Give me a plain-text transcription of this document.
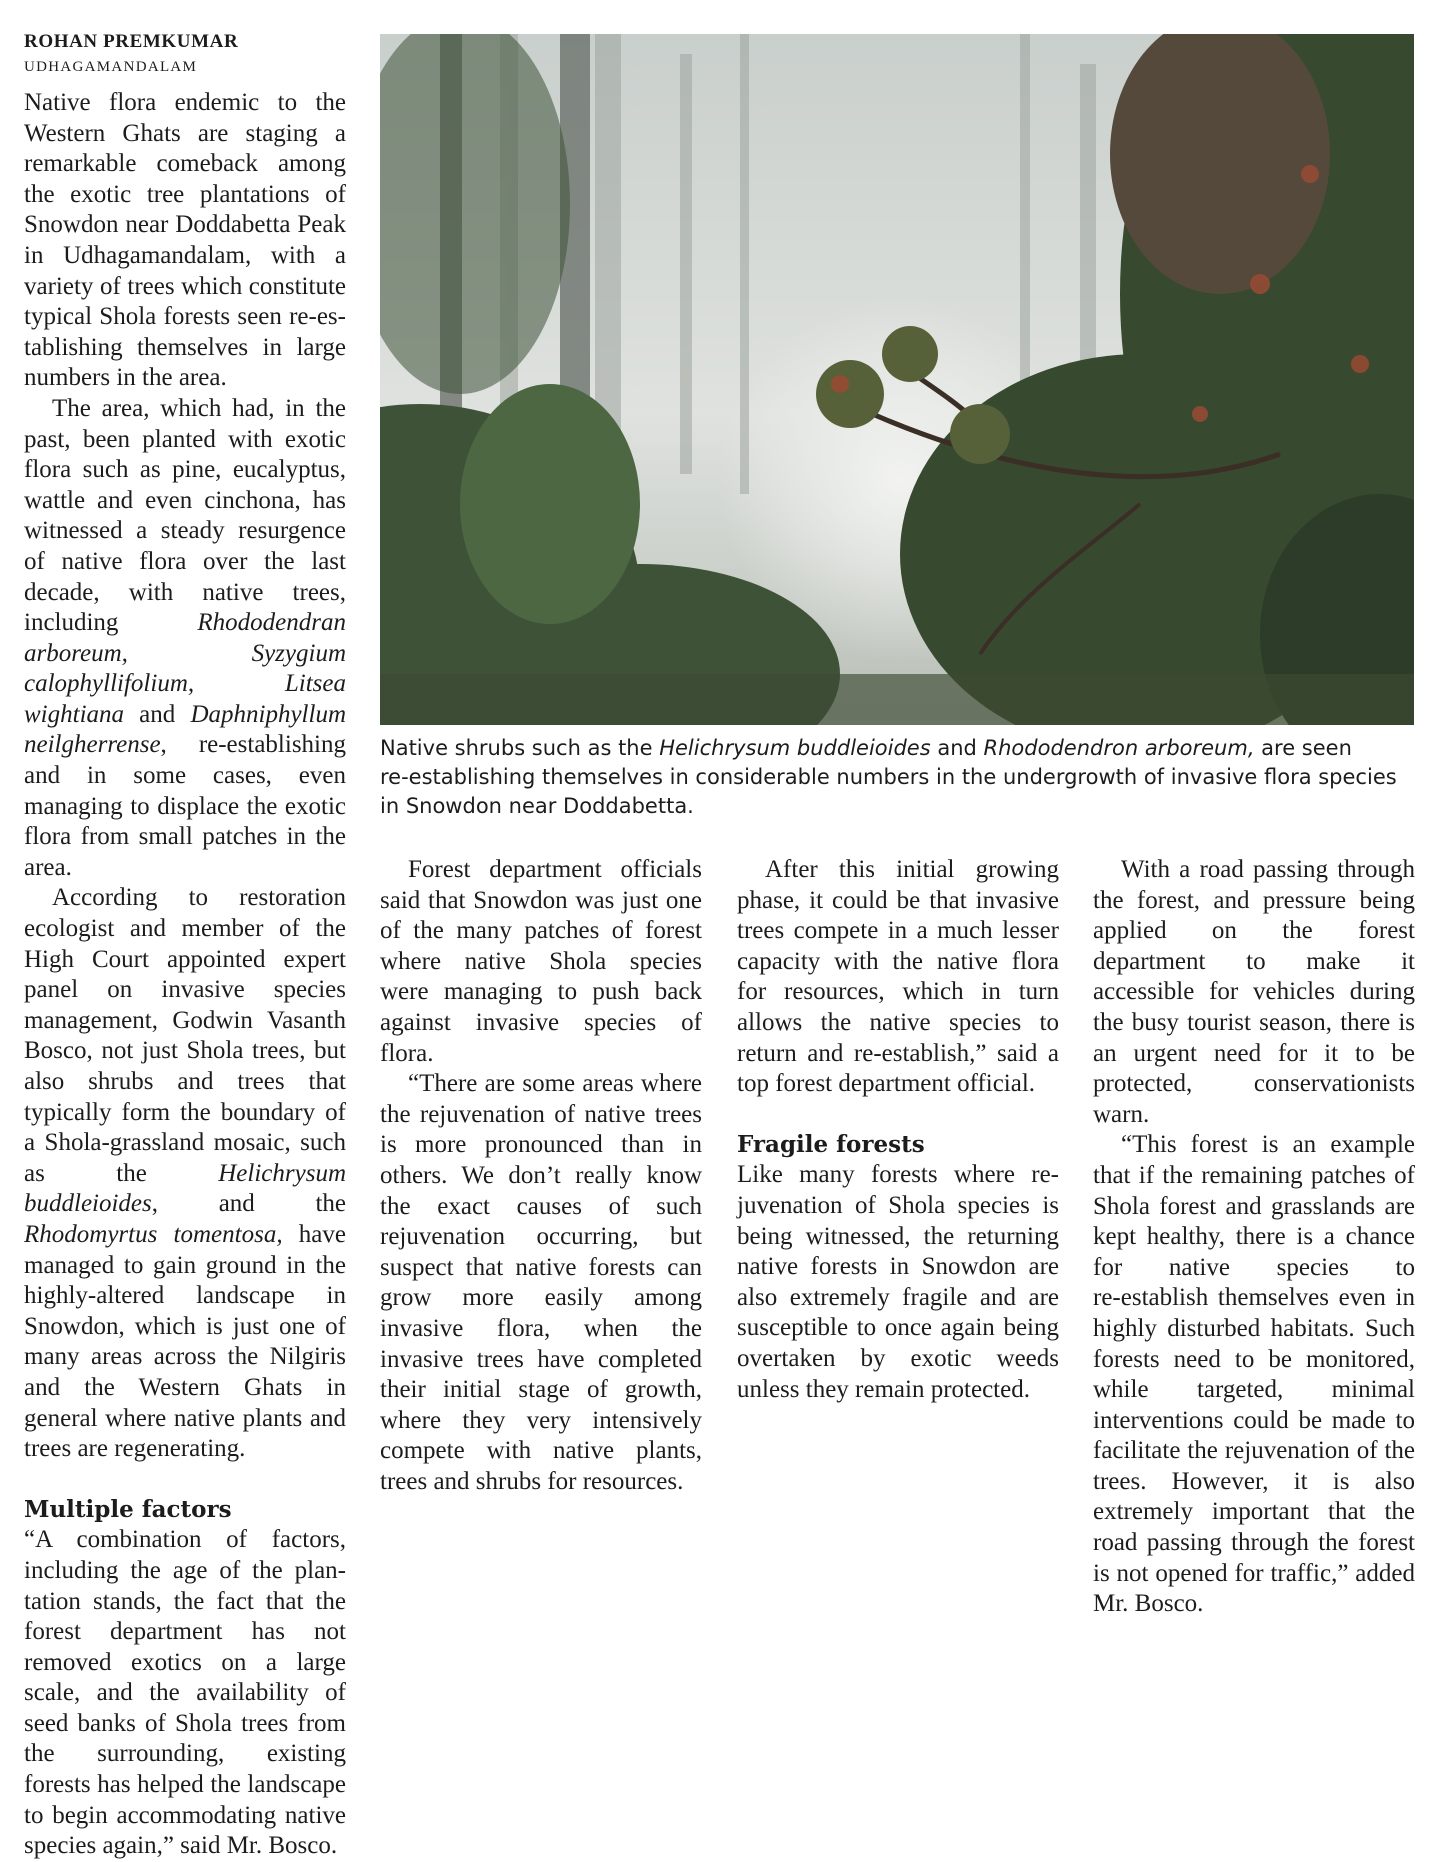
ROHAN PREMKUMAR
UDHAGAMANDALAM

Native shrubs such as the Helichrysum buddleioides and Rhododendron arboreum, are seen re‑establishing themselves in considerable numbers in the undergrowth of invasive flora species in Snowdon near Doddabetta.

Native flora endemic to the Western Ghats are staging a remarkable comeback among the exotic tree plantations of Snowdon near Doddabetta Peak in Udhagamandalam, with a variety of trees which constitute typical Shola forests seen re‑establishing themselves in large numbers in the area.

The area, which had, in the past, been planted with exotic flora such as pine, eucalyptus, wattle and even cinchona, has witnessed a steady resurgence of native flora over the last decade, with native trees, including	Rhododendran arboreum, Syzygium calophyllifolium, Litsea wightiana and Daphniphyllum neilgherrense, re‑establishing and in some cases, even managing to displace the exotic flora from small patches in the area.

According to restoration ecologist and member of the High Court appointed expert panel on invasive species management, Godwin Vasanth Bosco, not just Shola trees, but also shrubs and trees that typically form the boundary of a Shola‑grassland mosaic, such as the Helichrysum buddleioides, and the Rhodomyrtus tomentosa, have managed to gain ground in the highly‑altered landscape in Snowdon, which is just one of many areas across the Nilgiris and the Western Ghats in general where native plants and trees are regenerating.

Multiple factors

“A combination of factors, including the age of the plantation stands, the fact that the forest department has not removed exotics on a large scale, and the availability of seed banks of Shola trees from the surrounding, existing forests has helped the landscape to begin accommodating native species again,” said Mr. Bosco.

Forest department officials said that Snowdon was just one of the many patches of forest where native Shola species were managing to push back against invasive species of flora.

“There are some areas where the rejuvenation of native trees is more pronounced than in others. We don’t really know the exact causes of such rejuvenation occurring, but suspect that native forests can grow more easily among invasive flora, when the invasive trees have completed their initial stage of growth, where they very intensively compete with native plants, trees and shrubs for resources.

After this initial growing phase, it could be that invasive trees compete in a much lesser capacity with the native flora for resources, which in turn allows the native species to return and re‑establish,” said a top forest department official.

Fragile forests

Like many forests where rejuvenation of Shola species is being witnessed, the returning native forests in Snowdon are also extremely fragile and are susceptible to once again being overtaken by exotic weeds unless they remain protected.

With a road passing through the forest, and pressure being applied on the forest department to make it accessible for vehicles during the busy tourist season, there is an urgent need for it to be protected, conservationists warn.

“This forest is an example that if the remaining patches of Shola forest and grasslands are kept healthy, there is a chance for native species to re‑establish themselves even in highly disturbed habitats. Such forests need to be monitored, while targeted, minimal interventions could be made to facilitate the rejuvenation of the trees. However, it is also extremely important that the road passing through the forest is not opened for traffic,” added Mr. Bosco.
